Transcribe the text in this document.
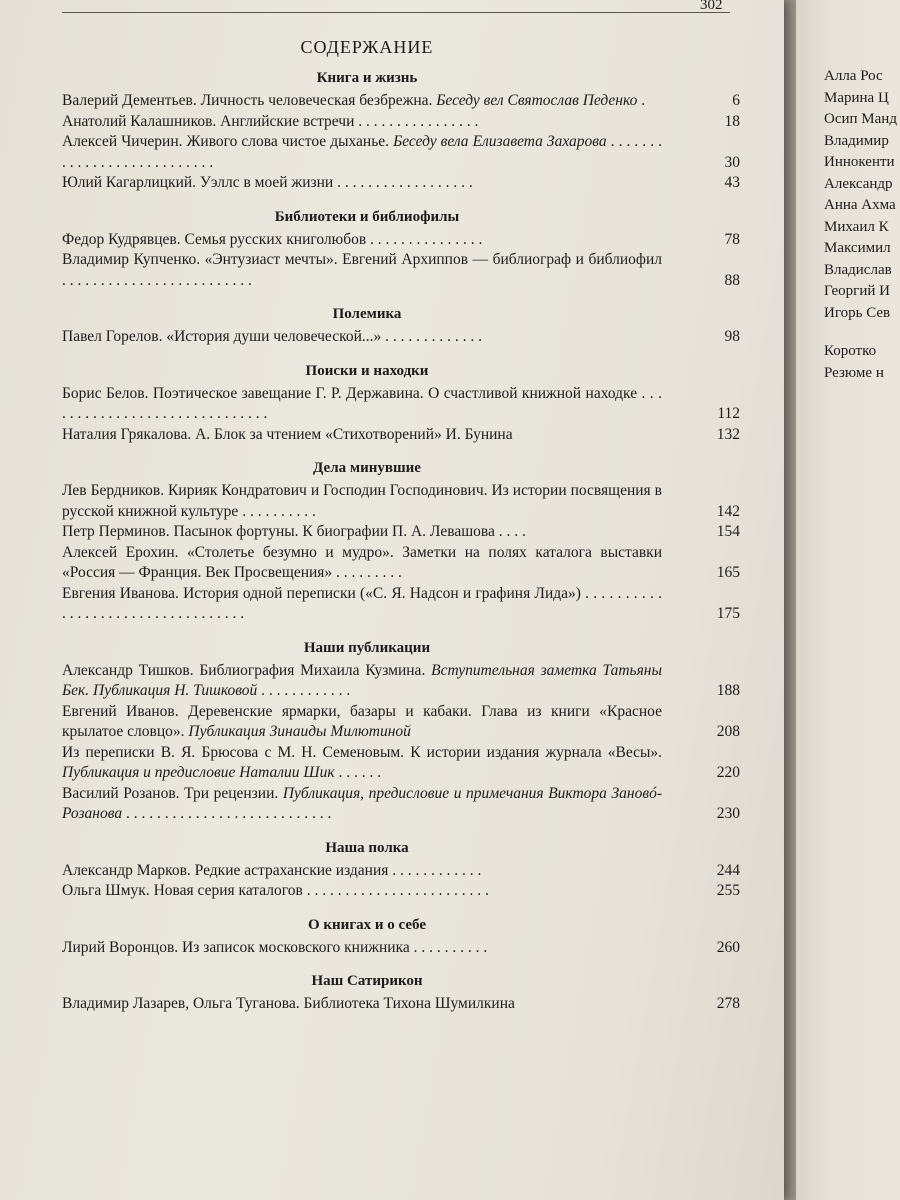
302
СОДЕРЖАНИЕ
Книга и жизнь
Валерий Дементьев. Личность человеческая безбрежна. Беседу вел Святослав Педенко .	6
Анатолий Калашников. Английские встречи . . . . . . . . . . . . . . . .	18
Алексей Чичерин. Живого слова чистое дыханье. Беседу вела Елизавета Захарова . . . . . . . . . . . . . . . . . . . . . . . . . . .	30
Юлий Кагарлицкий. Уэллс в моей жизни . . . . . . . . . . . . . . . . . .	43
Библиотеки и библиофилы
Федор Кудрявцев. Семья русских книголюбов . . . . . . . . . . . . . . .	78
Владимир Купченко. «Энтузиаст мечты». Евгений Архиппов — библиограф и библиофил . . . . . . . . . . . . . . . . . . . . . . . . .	88
Полемика
Павел Горелов. «История души человеческой...» . . . . . . . . . . . . .	98
Поиски и находки
Борис Белов. Поэтическое завещание Г. Р. Державина. О счастливой книжной находке . . . . . . . . . . . . . . . . . . . . . . . . . . . . . .	112
Наталия Грякалова. А. Блок за чтением «Стихотворений» И. Бунина	132
Дела минувшие
Лев Бердников. Кирияк Кондратович и Господин Господинович. Из истории посвящения в русской книжной культуре . . . . . . . . . .	142
Петр Перминов. Пасынок фортуны. К биографии П. А. Левашова . . . .	154
Алексей Ерохин. «Столетье безумно и мудро». Заметки на полях каталога выставки «Россия — Франция. Век Просвещения» . . . . . . . . .	165
Евгения Иванова. История одной переписки («С. Я. Надсон и графиня Лида») . . . . . . . . . . . . . . . . . . . . . . . . . . . . . . . . . .	175
Наши публикации
Александр Тишков. Библиография Михаила Кузмина. Вступительная заметка Татьяны Бек. Публикация Н. Тишковой . . . . . . . . . . . .	188
Евгений Иванов. Деревенские ярмарки, базары и кабаки. Глава из книги «Красное крылатое словцо». Публикация Зинаиды Милютиной	208
Из переписки В. Я. Брюсова с М. Н. Семеновым. К истории издания журнала «Весы». Публикация и предисловие Наталии Шик . . . . . .	220
Василий Розанов. Три рецензии. Публикация, предисловие и примечания Виктора Зановó-Розанова . . . . . . . . . . . . . . . . . . . . . . . . . . .	230
Наша полка
Александр Марков. Редкие астраханские издания . . . . . . . . . . . .	244
Ольга Шмук. Новая серия каталогов . . . . . . . . . . . . . . . . . . . . . . . .	255
О книгах и о себе
Лирий Воронцов. Из записок московского книжника . . . . . . . . . .	260
Наш Сатирикон
Владимир Лазарев, Ольга Туганова. Библиотека Тихона Шумилкина	278
Алла Рос
Марина Ц
Осип Манд
Владимир
Иннокенти
Александр
Анна Ахма
Михаил К
Максимил
Владислав
Георгий И
Игорь Сев
Коротко
Резюме н
